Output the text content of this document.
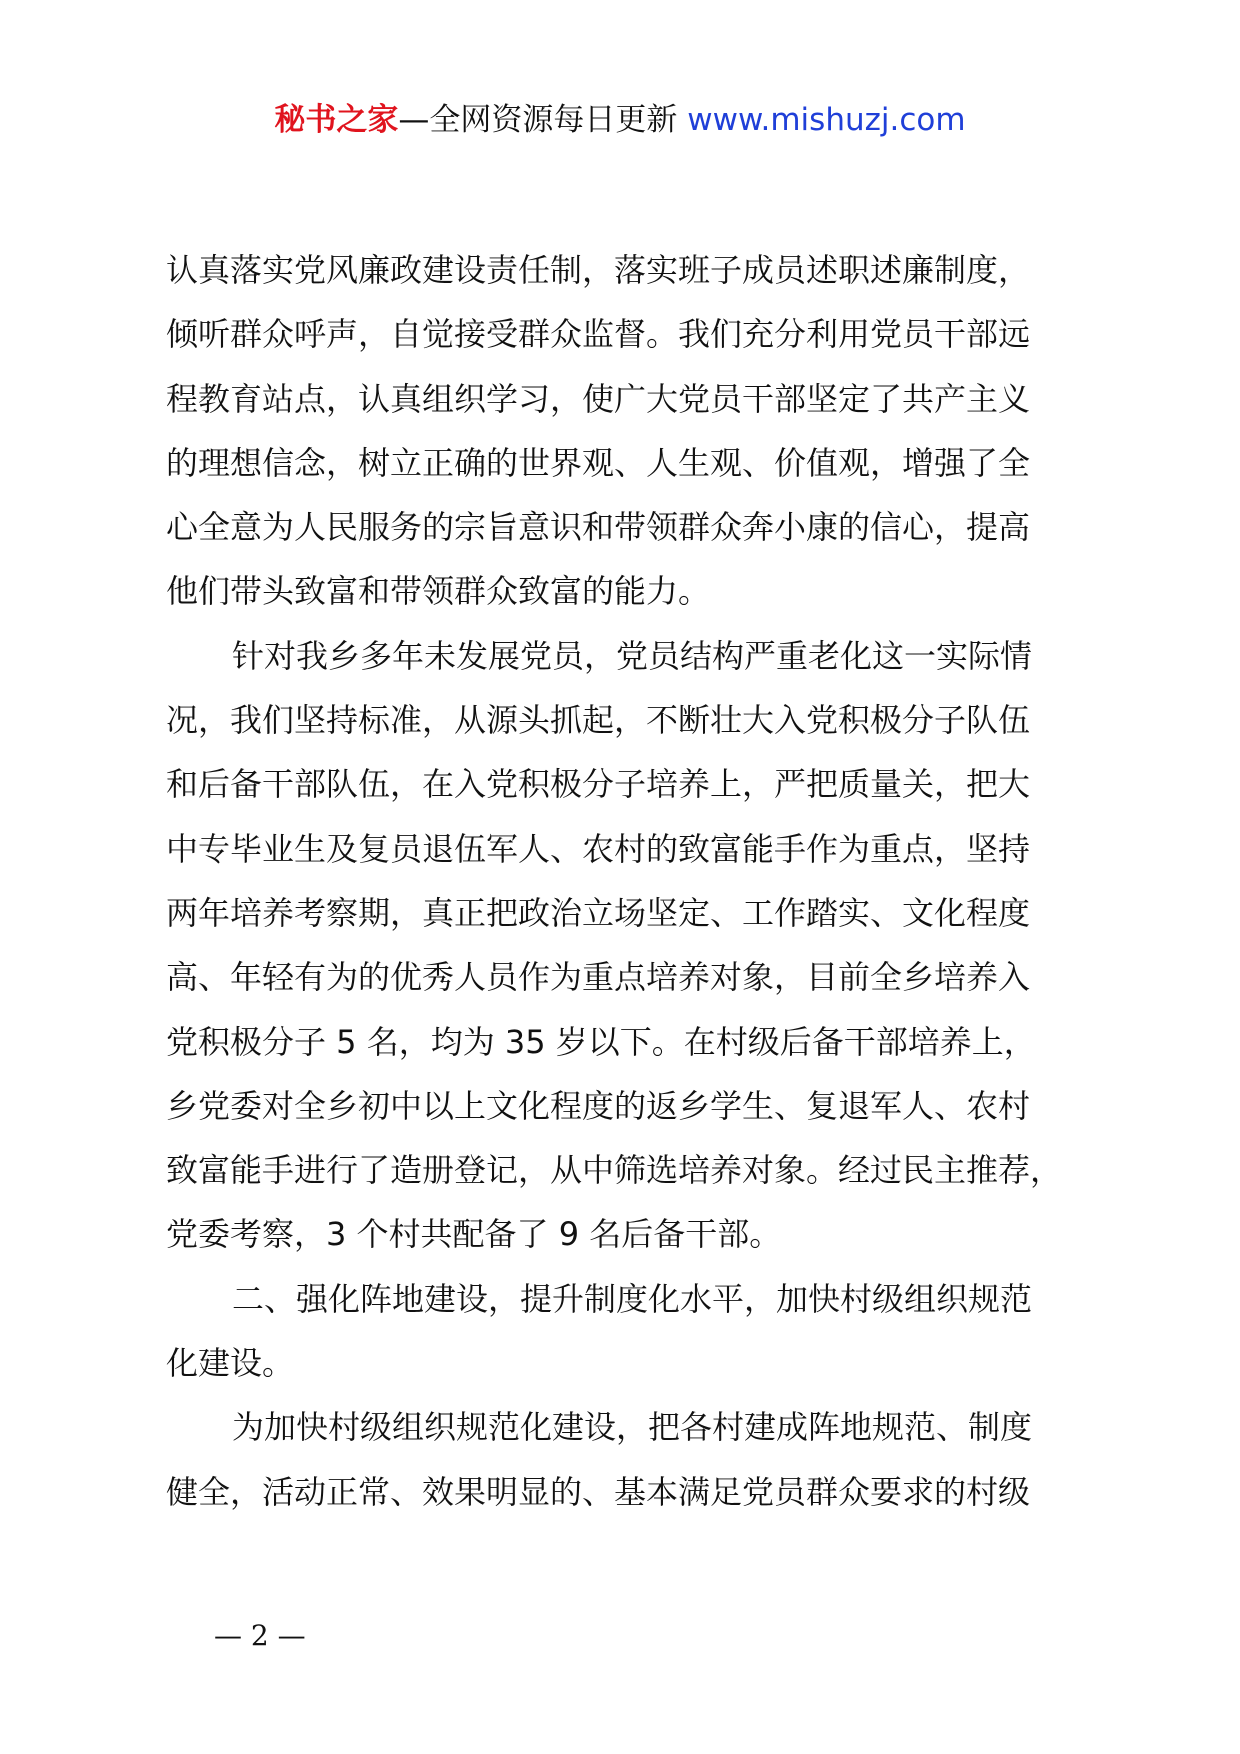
秘书之家—全网资源每日更新 www.mishuzj.com
认真落实党风廉政建设责任制，落实班子成员述职述廉制度，
倾听群众呼声，自觉接受群众监督。我们充分利用党员干部远
程教育站点，认真组织学习，使广大党员干部坚定了共产主义
的理想信念，树立正确的世界观、人生观、价值观，增强了全
心全意为人民服务的宗旨意识和带领群众奔小康的信心，提高
他们带头致富和带领群众致富的能力。
针对我乡多年未发展党员，党员结构严重老化这一实际情
况，我们坚持标准，从源头抓起，不断壮大入党积极分子队伍
和后备干部队伍，在入党积极分子培养上，严把质量关，把大
中专毕业生及复员退伍军人、农村的致富能手作为重点，坚持
两年培养考察期，真正把政治立场坚定、工作踏实、文化程度
高、年轻有为的优秀人员作为重点培养对象，目前全乡培养入
党积极分子 5 名，均为 35 岁以下。在村级后备干部培养上，
乡党委对全乡初中以上文化程度的返乡学生、复退军人、农村
致富能手进行了造册登记，从中筛选培养对象。经过民主推荐，
党委考察，3 个村共配备了 9 名后备干部。
二、强化阵地建设，提升制度化水平，加快村级组织规范
化建设。
为加快村级组织规范化建设，把各村建成阵地规范、制度
健全，活动正常、效果明显的、基本满足党员群众要求的村级
— 2 —
